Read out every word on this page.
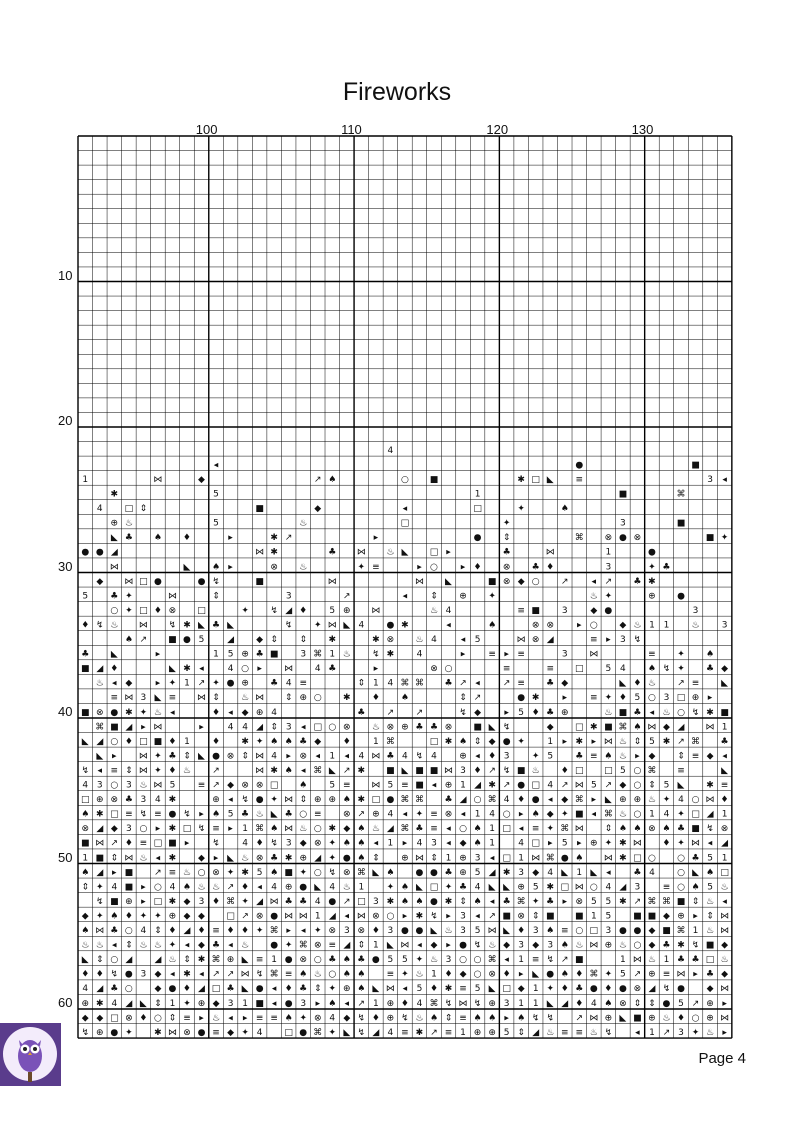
Fireworks
4
◂	●	■
1	⋈	◆	↗ ♠	○ ■	✱ □ ◣ ≡	3 ◂
✱	5	1	■	⌘
4 □ ⇕	■	◆	◂	□	✦	♠
⊕ ♨	5	♨	□	✦	3	■
◣ ♣ ♠ ♦	▸	✱ ↗	▸	● ⇕	⌘ ⊗ ● ⊗	■ ✦
● ● ◢	⋈ ✱	♣ ⋈ ♨ ◣ □ ▸	♣	⋈	1	●
⋈	◣ ♠ ▸	⊗ ♨	✦ ≡	▸ ○	▸ ♦ ⊗ ♣ ♦	3	✦ ♣
◆ ⋈ □ ●	● ↯	■	⋈	⋈ ◣	■ ⊗ ◆ ○ ↗	◂ ↗ ♣ ✱
5 ♣ ✦	⋈	⇕	3	↗	◂	⇕ ⊕ ✦	♨ ✦	⊕ ●
○ ✦ □ ♦ ⊗ □	✦ ↯ ◢ ♦ 5 ⊕ ⋈	♨ 4	≡ ■ 3	◆ ●	3
♦ ↯ ♨ ⋈ ↯ ✱ ◣ ♣ ◣	↯ ✦ ⋈ ◣ 4 ● ✱	◂	♠	⊗ ⊗	▸ ○ ◆ ♨ 1 1 ♨ 3
♠ ↗ ■ ● 5	◢ ◆ ⇕ ⇕ ✱	✱ ⊗ ♨ 4	◂ 5	⋈ ⊗ ◢	≡ ▸ 3 ↯
♣ ◣	▸	1 5 ⊕ ♣ ■ 3 ⌘ 1 ♨ ↯ ✱ 4	▸	≡ ▸ ≡	3 ⋈	≡ ✦ ♠
■ ◢ ♦	◣ ✱ ◂	4 ○ ▸ ⋈ 4 ♣	▸	⊗ ○	≡	≡ □ 5 4 ♠ ↯ ✦ ♣ ◆
♨ ◂ ◆	▸ ✦ 1 ↗ ✦ ● ⊕ ♣ 4 ≡	⇕ 1 4 ⌘ ⌘ ♣ ↗ ◂	↗ ≡ ♣ ◆	◣ ♦ ♨ ↗ ≡ ◣
≡ ⋈ 3 ◣ ≡ ⋈ ⇕ ♨ ⋈ ⇕ ⊕ ○ ✱ ♦ ♠	⇕ ↗	● ✱	▸	≡ ✦ ♦ 5 ○ 3 □ ⊕ ▸
■ ⊗ ● ✱ ✦ ♨ ◂	♦ ◂ ◆ ⊕ 4	♣ ↗ ↗	↯ ◆	▸ 5 ♦ ♣ ⊕	♨ ■ ♣ ◂ ♨ ○ ↯ ✱ ■
⌘ ■ ◢ ▸ ⋈	▸	4 4 ◢ ⇕ 3 ◂ □ ○ ⊗ ♨ ⊗ ⊕ ♣ ♣ ⊗ ■ ◣ ↯	◆ □ ✱ ■ ⌘ ♠ ⋈ ◆ ◢ ⋈ 1
◣ ◢ ○ ♦ □ ■ ♦ 1 ♦ ✱ ✦ ♠ ♠ ♣ ◆ ♦ 1 ⌘	□ ✱ ♠ ⇕ ◆ ● ✦ 1 ▸ ✱ ▸ ⋈ ♨ ⇕ 5 ✱ ↗ ⌘ ♣
◣ ▸ ⋈ ✦ ♣ ⇕ ◣ ● ⊗ ⇕ ⋈ 4 ▸ ⊗ ◂ 1 ◂ 4 ⋈ ♣ 4 ↯ 4 ⊕ ◂ ♦ 3 ✦ 5 ♣ ≡ ♠ ♨ ▸ ◆ ⇕ ≡ ◆ ◂
↯ ◂ ≡ ⇕ ⋈ ✦ ♦ ♨ ↗	⋈ ✱ ♠ ◂ ⌘ ◣ ↗ ✱ ■ ◣ ■ ■ ⋈ 3 ♦ ↗ ↯ ■ ♨ ♦ □ □ 5 ○ ⌘ ≡	◣
4 3 ○ 3 ♨ ⋈ 5 ≡ ↗ ◆ ⊗ ⊗ □ ♠ 5 ≡ ⋈ 5 ≡ ■ ◂ ⊕ 1 ◢ ✱ ↗ ● □ 4 ↗ ⋈ 5 ↗ ◆ ○ ⇕ 5 ◣ ✱ ≡
□ ⊕ ⊗ ♣ 3 4 ✱	⊕ ◂ ↯ ● ✦ ⋈ ⇕ ⊕ ⊕ ♠ ✱ □ ● ⌘ ⌘ ♣ ◢ ○ ⌘ 4 ♦ ● ◂ ◆ ⌘ ▸ ◣ ⊕ ⊕ ♨ ✦ 4 ○ ⋈ ♦
♠ ✱ □ ≡ ↯ ≡ ● ↯ ▸ ♠ 5 ♣ ♨ ◣ ♣ ○ ≡ ⊗ ↗ ⊕ 4 ◂ ✦ ≡ ⊗ ◂ 1 4 ○ ▸ ♠ ◆ ✦ ■ ◂ ⌘ ♨ ○ 1 4 ✦ □ ◢ 1
⊗ ◢ ◆ 3 ○ ▸ ✱ □ ↯ ≡ ▸ 1 ⌘ ♠ ⋈ ♨ ○ ✱ ◆ ♠ ♨ ◢ ⌘ ♣ ≡ ◂ ○ ♠ 1 □ ◂ ≡ ✦ ⌘ ⋈ ⇕ ♠ ♠ ⊗ ♠ ♣ ■ ↯ ⊗
■ ⋈ ↗ ♦ ≡ □ ■ ▸	↯ 4 ♦ ↯ 3 ◆ ⊗ ✦ ♠ ♠ ◂ 1 ▸ 4 3 ◂ ◆ ♠ 1	4 □ ▸ 5 ▸ ⊕ ✦ ✱ ⋈ ♦ ✦ ⋈ ◂ ◢
1 ■ ⇕ ⋈ ♨ ◂ ✱ ◆ ▸ ◣ ♨ ⊗ ♣ ✱ ⊕ ◢ ✦ ● ♠ ⇕ ⊕ ⋈ ⇕ 1 ⊕ 3 ◂ □ 1 ⋈ ⌘ ● ♠ ⋈ ✱ □ ○ ○ ♣ 5 1
♠ ◢ ▸ ■ ↗ ≡ ♨ ○ ⊗ ✦ ✱ 5 ♠ ■ ✦ ○ ↯ ⊗ ⌘ ◣ ♠ ● ● ♣ ⊕ 5 ◢ ✱ 3 ◆ 4 ◣ 1 ◣ ◂	♣ 4 ○ ◣ ♠ □
⇕ ✦ 4 ■ ▸ ○ 4 ♠ ♨ ♨ ↗ ♦ ◂ 4 ⊕ ● ◣ 4 ♨ 1 ✦ ♠ ◣ □ ✦ ♣ 4 ◣ ◣ ⊕ 5 ✱ □ ⋈ ○ 4 ◢ 3 ≡ ○ ♠ 5 ♨
↯ ■ ⊕ ▸ □ ✱ ◆ 3 ♦ ⌘ ✦ ◢ ⋈ ♣ ♣ 4 ● ↗ □ 3 ✱ ♠ ♠ ● ✱ ⇕ ♠ ◂ ♣ ⌘ ✦ ♣ ▸ ⊗ 5 5 ✱ ↗ ⌘ ⌘ ■ ⇕ ♨ ◂
◆ ✦ ♠ ♦ ✦ ✦ ⊕ ◆ ◆ □ ↗ ⊗ ● ⋈ ⋈ 1 ◢ ◂ ⋈ ⊗ ○ ▸ ✱ ↯ ▸ 3 ◂ ↗ ■ ⊗ ⇕ ■ ■ 1 5 ■ ■ ◆ ⊕ ▸ ⇕ ⋈
♠ ⋈ ♣ ○ 4 ⇕ ♦ ◢ ♦ ≡ ♦ ♦ ✦ ⌘ ▸ ◂ ✦ ⊗ 3 ⊗ ♦ 3 ● ● ◣ ♨ 3 5 ⋈ ◣ ♦ 3 ♠ ≡ ○ □ 3 ● ● ◆ ■ ⌘ 1 ♨ ⋈
♨ ♨ ◂ ⇕ ♨ ♨ ✦ ◂ ◆ ♣ ◂ ♨ ● ✦ ⌘ ⊗ ≡ ◢ ⇕ 1 ◣ ⋈ ◂ ◆ ▸ ● ↯ ♨ ◆ 3 ◆ 3 ♠ ♨ ⋈ ⊕ ♨ ○ ◆ ♣ ✱ ↯ ■ ◆
◣ ⇕ ○ ◢ ◢ ♨ ⇕ ✱ ⌘ ⊕ ◣ ≡ 1 ● ⊗ ○ ♣ ♠ ♣ ● 5 5 ✦ ♨ 3 ○ ○ ⌘ ◂ 1 ≡ ↯ ↗ ■	1 ⋈ ♨ 1 ♣ ♣ □ ♨
♦ ♦ ↯ ● 3 ◆ ◂ ✱ ◂ ↗ ↗ ⋈ ↯ ⌘ ≡ ♠ ♨ ○ ♠ ♠ ≡ ✦ ♨ 1 ♦ ◆ ○ ⊗ ♦ ▸ ◣ ● ♠ ♦ ⌘ ✦ 5 ↗ ⊕ ≡ ⋈ ▸ ♣ ◆
4 ◢ ♣ ○ ◆ ● ♦ ◢ □ ♣ ◣ ● ◂ ♦ ♣ ⇕ ✦ ⊕ ♠ ◣ ⋈ ◂ 5 ♦ ✱ ≡ 5 ◣ □ ◆ 1 ✦ ♦ ♣ ● ♦ ● ⊗ ◢ ↯ ● ◆ ⋈
⊕ ✱ 4 ◢ ◣ ⇕ 1 ✦ ⊕ ◆ 3 1 ■ ◂ ● 3 ▸ ♠ ◂ ↗ 1 ⊕ ♦ 4 ⌘ ↯ ⋈ ↯ ⊕ 3 1 1 ◣ ◢ ♦ 4 ♠ ⊗ ⇕ ⇕ ● 5 ↗ ⊕ ▸
◆ ◆ □ ⊗ ♦ ○ ⇕ ≡ ▸ ♨ ◂ ▸ ≡ ≡ ♠ ✦ ⊗ 4 ◆ ↯ ♦ ⊕ ↯ ♨ ♠ ⇕ ≡ ♠ ♠ ▸ ♠ ↯ ↯ ↗ ⋈ ⊕ ◣ ■ ⊕ ♨ ♦ ○ ⊕ ⋈
↯ ⊕ ● ✦ ✱ ⋈ ⊗ ● ≡ ◆ ✦ 4 □ ● ⌘ ✦ ◣ ↯ ◢ 4 ≡ ✱ ↗ ≡ 1 ⊕ ⊕ 5 ⇕ ◢ ♨ ≡ ≡ ♨ ↯	◂ 1 ↗ 3 ✦ ♨ ▸
100	110	120	130
10
20
30
40
50
60
Page 4
